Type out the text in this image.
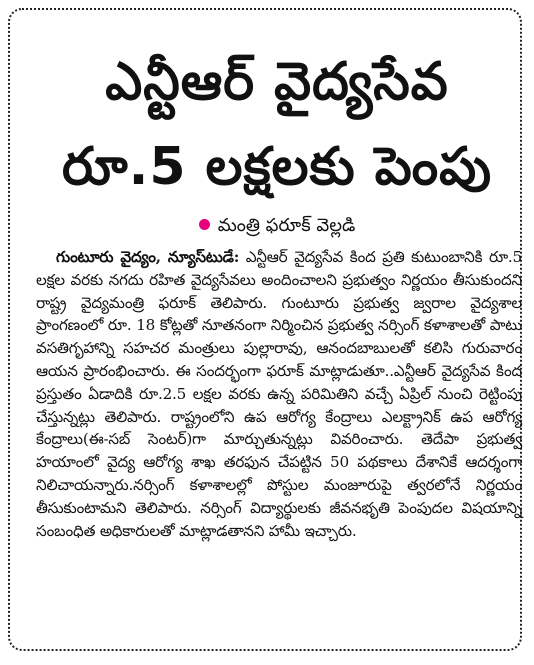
ఎన్టీఆర్ వైద్యసేవ
రూ.5 లక్షలకు పెంపు
మంత్రి ఫరూక్ వెల్లడి

గుంటూరు వైద్యం, న్యూస్‌టుడే: ఎన్టీఆర్ వైద్యసేవ కింద ప్రతి కుటుంబానికి రూ.5 లక్షల వరకు నగదు రహిత వైద్యసేవలు అందించాలని ప్రభుత్వం నిర్ణయం తీసుకుందని రాష్ట్ర వైద్యమంత్రి ఫరూక్ తెలిపారు. గుంటూరు ప్రభుత్వ జ్వరాల వైద్యశాల ప్రాంగణంలో రూ. 18 కోట్లతో నూతనంగా నిర్మించిన ప్రభుత్వ నర్సింగ్ కళాశాలతో పాటు వసతిగృహాన్ని సహచర మంత్రులు పుల్లారావు, ఆనందబాబులతో కలిసి గురువారం ఆయన ప్రారంభించారు. ఈ సందర్భంగా ఫరూక్ మాట్లాడుతూ..ఎన్టీఆర్ వైద్యసేవ కింద ప్రస్తుతం ఏడాదికి రూ.2.5 లక్షల వరకు ఉన్న పరిమితిని వచ్చే ఏప్రిల్ నుంచి రెట్టింపు చేస్తున్నట్లు తెలిపారు. రాష్ట్రంలోని ఉప ఆరోగ్య కేంద్రాలు ఎలక్ట్రానిక్ ఉప ఆరోగ్య కేంద్రాలు(ఈ-సబ్ సెంటర్)గా మార్చుతున్నట్లు వివరించారు. తెదేపా ప్రభుత్వ హయాంలో వైద్య ఆరోగ్య శాఖ తరఫున చేపట్టిన 50 పథకాలు దేశానికే ఆదర్శంగా నిలిచాయన్నారు.నర్సింగ్ కళాశాలల్లో పోస్టుల మంజూరుపై త్వరలోనే నిర్ణయం తీసుకుంటామని తెలిపారు. నర్సింగ్ విద్యార్థులకు జీవనభృతి పెంపుదల విషయాన్ని సంబంధిత అధికారులతో మాట్లాడతానని హామీ ఇచ్చారు.
